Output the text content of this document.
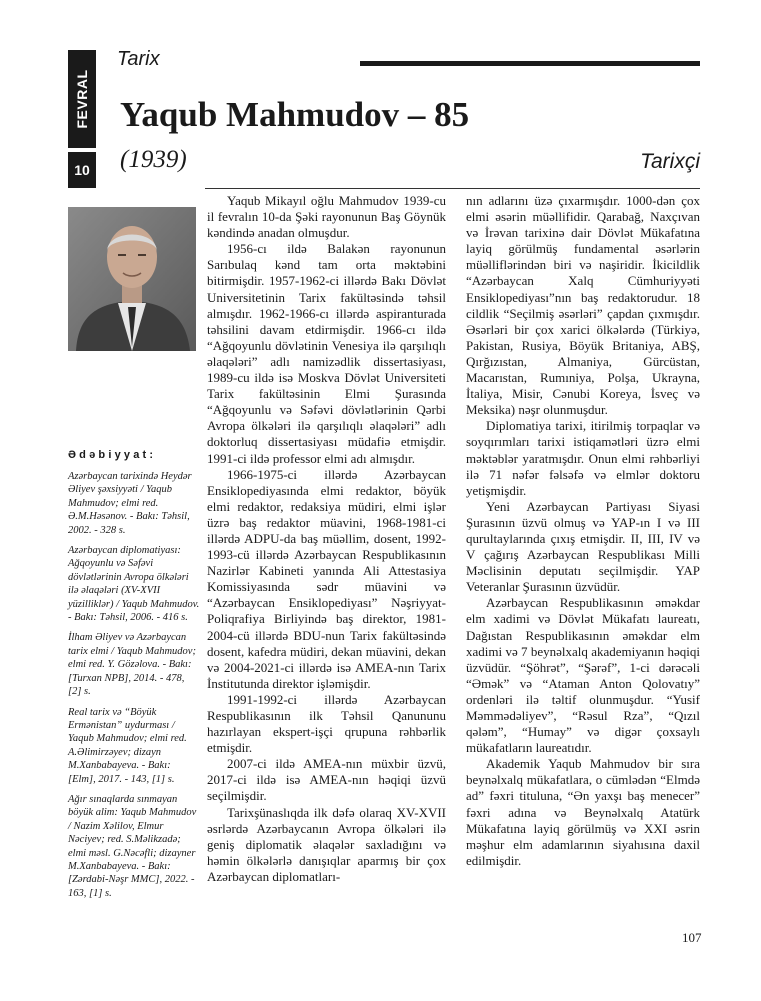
FEVRAL
10
Tarix
Yaqub Mahmudov – 85
(1939)	Tarixçi
Ədəbiyyat:

Azərbaycan tarixində Heydər Əliyev şəxsiyyəti / Yaqub Mahmudov; elmi red. Ə.M.Həsənov. - Bakı: Təhsil, 2002. - 328 s.

Azərbaycan diplomatiyası: Ağqoyunlu və Səfəvi dövlətlərinin Avropa ölkələri ilə əlaqələri (XV-XVII yüzilliklər) / Yaqub Mahmudov. - Bakı: Təhsil, 2006. - 416 s.

İlham Əliyev və Azərbaycan tarix elmi / Yaqub Mahmudov; elmi red. Y. Gözəlova. - Bakı: [Turxan NPB], 2014. - 478, [2] s.

Real tarix və “Böyük Ermənistan” uydurması / Yaqub Mahmudov; elmi red. A.Əlimirzəyev; dizayn M.Xanbabayeva. - Bakı: [Elm], 2017. - 143, [1] s.

Ağır sınaqlarda sınmayan böyük alim: Yaqub Mahmudov / Nazim Xəlilov, Elmur Nəciyev; red. S.Məlikzadə; elmi məsl. G.Nəcəfli; dizayner M.Xanbabayeva. - Bakı: [Zərdabi-Nəşr MMC], 2022. - 163, [1] s.

Yaqub Mikayıl oğlu Mahmudov 1939-cu il fevralın 10-da Şəki rayonunun Baş Göynük kəndində anadan olmuşdur.

1956-cı ildə Balakən rayonunun Sarıbulaq kənd tam orta məktəbini bitirmişdir. 1957-1962-ci illərdə Bakı Dövlət Universitetinin Tarix fakültəsində təhsil almışdır. 1962-1966-cı illərdə aspiranturada təhsilini davam etdirmişdir. 1966-cı ildə “Ağqoyunlu dövlətinin Venesiya ilə qarşılıqlı əlaqələri” adlı namizədlik dissertasiyası, 1989-cu ildə isə Moskva Dövlət Universiteti Tarix fakültəsinin Elmi Şurasında “Ağqoyunlu və Səfəvi dövlətlərinin Qərbi Avropa ölkələri ilə qarşılıqlı əlaqələri” adlı doktorluq dissertasiyası müdafiə etmişdir. 1991-ci ildə professor elmi adı almışdır.

1966-1975-ci illərdə Azərbaycan Ensiklopediyasında elmi redaktor, böyük elmi redaktor, redaksiya müdiri, elmi işlər üzrə baş redaktor müavini, 1968-1981-ci illərdə ADPU-da baş müəllim, dosent, 1992-1993-cü illərdə Azərbaycan Respublikasının Nazirlər Kabineti yanında Ali Attestasiya Komissiyasında sədr müavini və “Azərbaycan Ensiklopediyası” Nəşriyyat-Poliqrafiya Birliyində baş direktor, 1981-2004-cü illərdə BDU-nun Tarix fakültəsində dosent, kafedra müdiri, dekan müavini, dekan və 2004-2021-ci illərdə isə AMEA-nın Tarix İnstitutunda direktor işləmişdir.

1991-1992-ci illərdə Azərbaycan Respublikasının ilk Təhsil Qanununu hazırlayan ekspert-işçi qrupuna rəhbərlik etmişdir.

2007-ci ildə AMEA-nın müxbir üzvü, 2017-ci ildə isə AMEA-nın həqiqi üzvü seçilmişdir.

Tarixşünaslıqda ilk dəfə olaraq XV-XVII əsrlərdə Azərbaycanın Avropa ölkələri ilə geniş diplomatik əlaqələr saxladığını və həmin ölkələrlə danışıqlar aparmış bir çox Azərbaycan diplomatları-

nın adlarını üzə çıxarmışdır. 1000-dən çox elmi əsərin müəllifidir. Qarabağ, Naxçıvan və İrəvan tarixinə dair Dövlət Mükafatına layiq görülmüş fundamental əsərlərin müəlliflərindən biri və naşiridir. İkicildlik “Azərbaycan Xalq Cümhuriyyəti Ensiklopediyası”nın baş redaktorudur. 18 cildlik “Seçilmiş əsərləri” çapdan çıxmışdır. Əsərləri bir çox xarici ölkələrdə (Türkiyə, Pakistan, Rusiya, Böyük Britaniya, ABŞ, Qırğızıstan, Almaniya, Gürcüstan, Macarıstan, Rumıniya, Polşa, Ukrayna, İtaliya, Misir, Cənubi Koreya, İsveç və Meksika) nəşr olunmuşdur.

Diplomatiya tarixi, itirilmiş torpaqlar və soyqırımları tarixi istiqamətləri üzrə elmi məktəblər yaratmışdır. Onun elmi rəhbərliyi ilə 71 nəfər fəlsəfə və elmlər doktoru yetişmişdir.

Yeni Azərbaycan Partiyası Siyasi Şurasının üzvü olmuş və YAP-ın I və III qurultaylarında çıxış etmişdir. II, III, IV və V çağırış Azərbaycan Respublikası Milli Məclisinin deputatı seçilmişdir. YAP Veteranlar Şurasının üzvüdür.

Azərbaycan Respublikasının əməkdar elm xadimi və Dövlət Mükafatı laureatı, Dağıstan Respublikasının əməkdar elm xadimi və 7 beynəlxalq akademiyanın həqiqi üzvüdür. “Şöhrət”, “Şərəf”, 1-ci dərəcəli “Əmək” və “Ataman Anton Qolovatıy” ordenləri ilə təltif olunmuşdur. “Yusif Məmmədəliyev”, “Rəsul Rza”, “Qızıl qələm”, “Humay” və digər çoxsaylı mükafatların laureatıdır.

Akademik Yaqub Mahmudov bir sıra beynəlxalq mükafatlara, o cümlədən “Elmdə ad” fəxri tituluna, “Ən yaxşı baş menecer” fəxri adına və Beynəlxalq Atatürk Mükafatına layiq görülmüş və XXI əsrin məşhur elm adamlarının siyahısına daxil edilmişdir.

107
